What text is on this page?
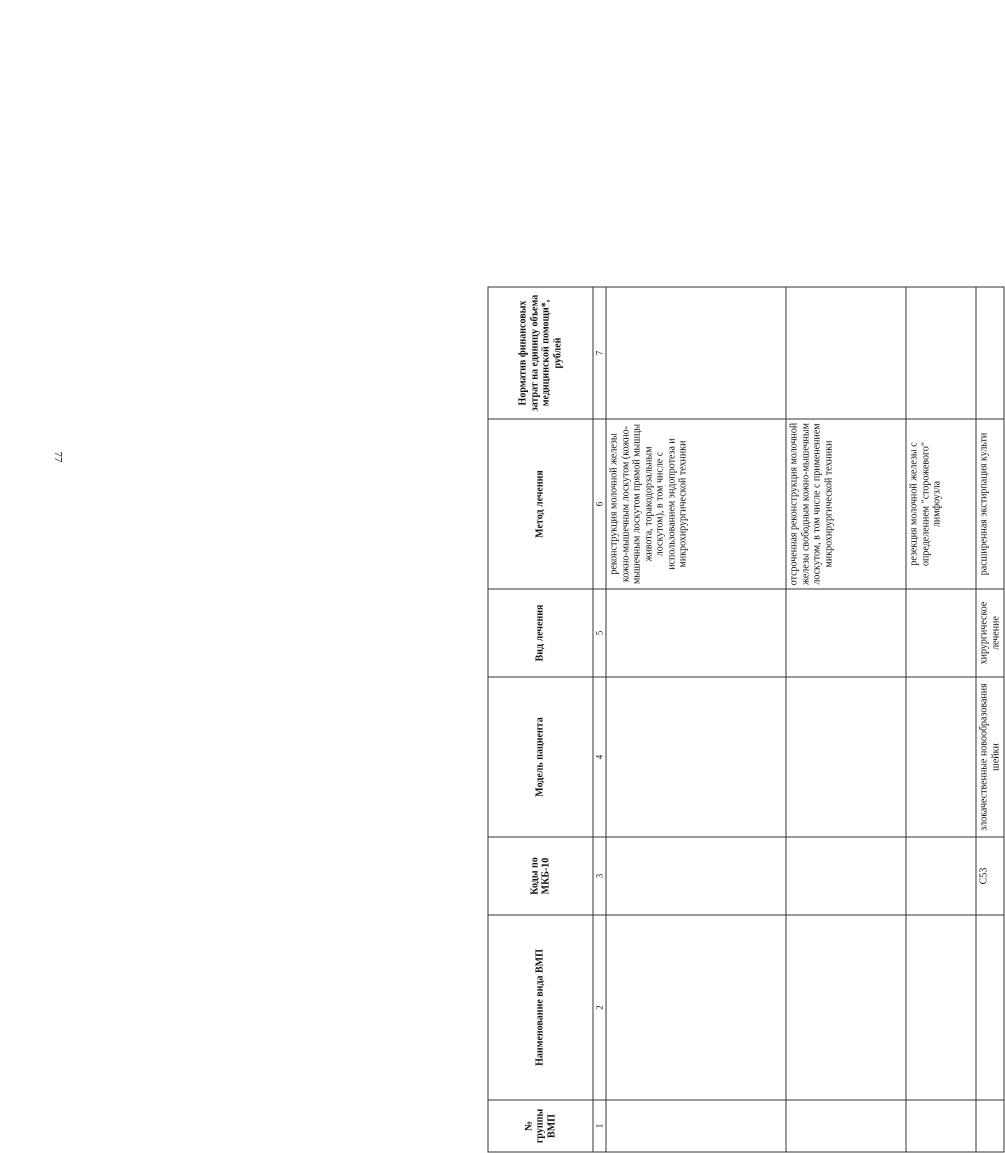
77
№ группы ВМП	Наименование вида ВМП	Коды по МКБ-10	Модель пациента	Вид лечения	Метод лечения	Норматив финансовых затрат на единицу объема медицинской помощи*, рублей
1	2	3	4	5	6	7
					реконструкция молочной железы кожно-мышечным лоскутом (кожно-мышечным лоскутом прямой мышцы живота, торакодорзальным лоскутом), в том числе с использованием эндопротеза и микрохирургической техники	
					отсроченная реконструкция молочной железы свободным кожно-мышечным лоскутом, в том числе с применением микрохирургической техники	
					резекция молочной железы с определением "сторожевого" лимфоузла	
		С53	злокачественные новообразования шейки	хирургическое лечение	расширенная экстирпация культи	
